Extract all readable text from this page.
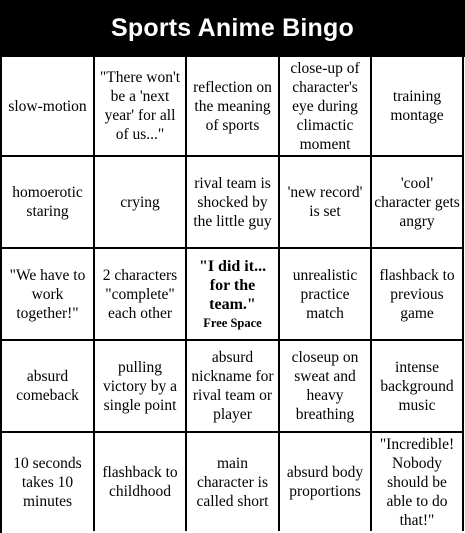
Sports Anime Bingo
slow-motion
"There won't be a 'next year' for all of us..."
reflection on the meaning of sports
close-up of character's eye during climactic moment
training montage
homoerotic staring
crying
rival team is shocked by the little guy
'new record' is set
'cool' character gets angry
"We have to work together!"
2 characters "complete" each other
"I did it... for the team."
Free Space
unrealistic practice match
flashback to previous game
absurd comeback
pulling victory by a single point
absurd nickname for rival team or player
closeup on sweat and heavy breathing
intense background music
10 seconds takes 10 minutes
flashback to childhood
main character is called short
absurd body proportions
"Incredible! Nobody should be able to do that!"
